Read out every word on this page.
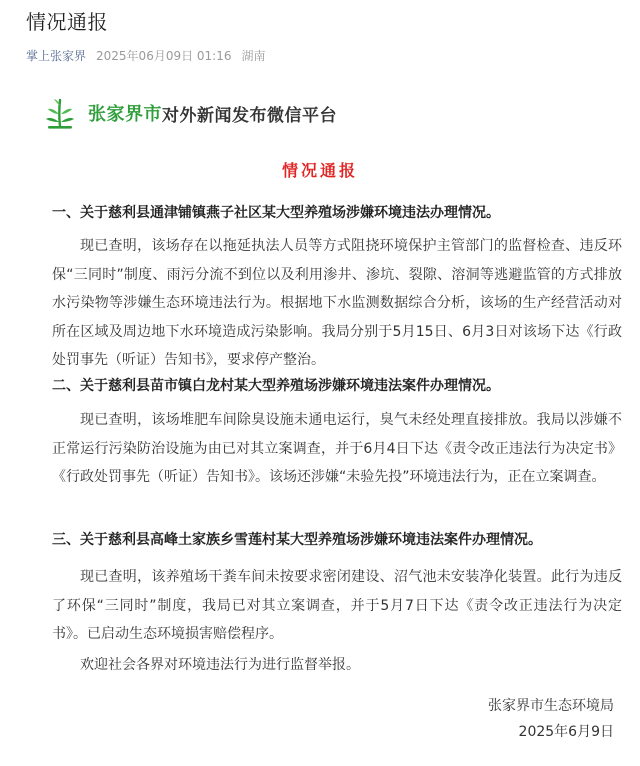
情况通报
掌上张家界 2025年06月09日 01:16 湖南
张家界市 对外新闻发布微信平台
情况通报
一、关于慈利县通津铺镇燕子社区某大型养殖场涉嫌环境违法办理情况。

现已查明，该场存在以拖延执法人员等方式阻挠环境保护主管部门的监督检查、违反环保“三同时”制度、雨污分流不到位以及利用渗井、渗坑、裂隙、溶洞等逃避监管的方式排放水污染物等涉嫌生态环境违法行为。根据地下水监测数据综合分析，该场的生产经营活动对所在区域及周边地下水环境造成污染影响。我局分别于5月15日、6月3日对该场下达《行政处罚事先（听证）告知书》，要求停产整治。

二、关于慈利县苗市镇白龙村某大型养殖场涉嫌环境违法案件办理情况。

现已查明，该场堆肥车间除臭设施未通电运行，臭气未经处理直接排放。我局以涉嫌不正常运行污染防治设施为由已对其立案调查，并于6月4日下达《责令改正违法行为决定书》《行政处罚事先（听证）告知书》。该场还涉嫌“未验先投”环境违法行为，正在立案调查。

三、关于慈利县高峰土家族乡雪莲村某大型养殖场涉嫌环境违法案件办理情况。

现已查明，该养殖场干粪车间未按要求密闭建设、沼气池未安装净化装置。此行为违反了环保“三同时”制度，我局已对其立案调查，并于5月7日下达《责令改正违法行为决定书》。已启动生态环境损害赔偿程序。

欢迎社会各界对环境违法行为进行监督举报。

张家界市生态环境局
2025年6月9日
